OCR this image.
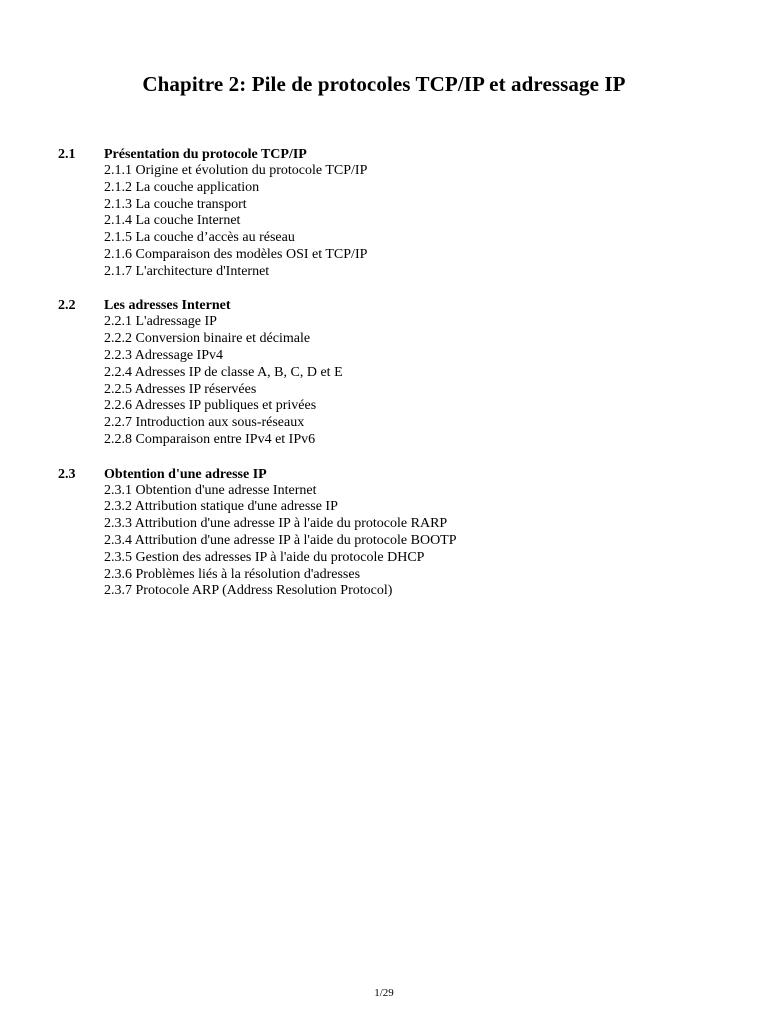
Chapitre 2: Pile de protocoles TCP/IP et adressage IP
2.1 Présentation du protocole TCP/IP
2.1.1 Origine et évolution du protocole TCP/IP
2.1.2 La couche application
2.1.3 La couche transport
2.1.4 La couche Internet
2.1.5 La couche d’accès au réseau
2.1.6 Comparaison des modèles OSI et TCP/IP
2.1.7 L'architecture d'Internet
2.2 Les adresses Internet
2.2.1 L'adressage IP
2.2.2 Conversion binaire et décimale
2.2.3 Adressage IPv4
2.2.4 Adresses IP de classe A, B, C, D et E
2.2.5 Adresses IP réservées
2.2.6 Adresses IP publiques et privées
2.2.7 Introduction aux sous-réseaux
2.2.8 Comparaison entre IPv4 et IPv6
2.3 Obtention d'une adresse IP
2.3.1 Obtention d'une adresse Internet
2.3.2 Attribution statique d'une adresse IP
2.3.3 Attribution d'une adresse IP à l'aide du protocole RARP
2.3.4 Attribution d'une adresse IP à l'aide du protocole BOOTP
2.3.5 Gestion des adresses IP à l'aide du protocole DHCP
2.3.6 Problèmes liés à la résolution d'adresses
2.3.7 Protocole ARP (Address Resolution Protocol)
1/29
